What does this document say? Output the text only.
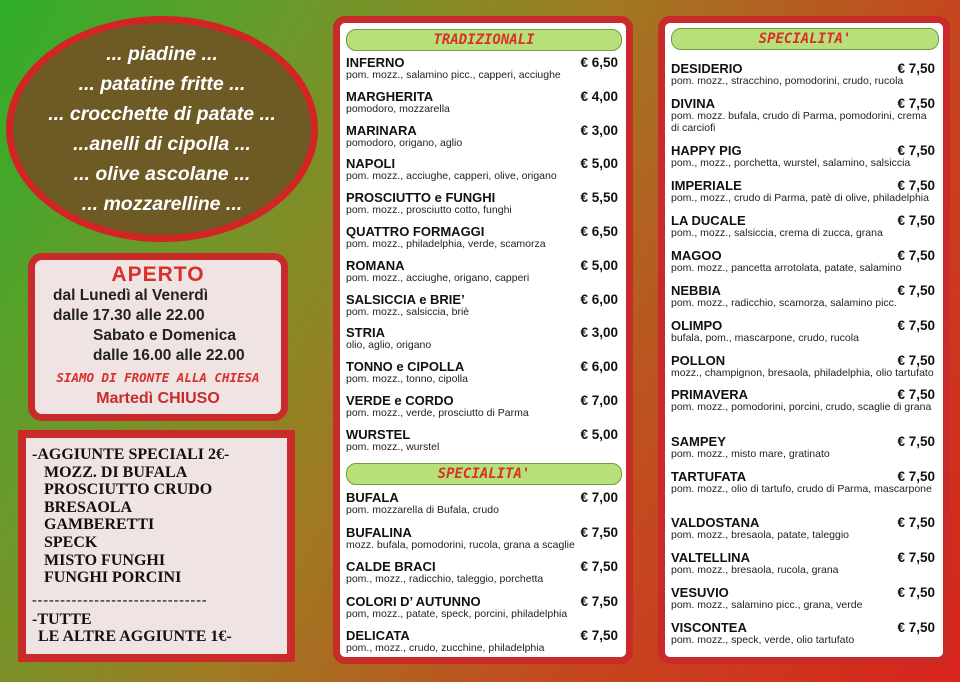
... piadine ...
... patatine fritte ...
... crocchette di patate ...
...anelli di cipolla ...
... olive ascolane ...
... mozzarelline ...
APERTO
dal Lunedì al Venerdì
dalle 17.30 alle 22.00
Sabato e Domenica
dalle 16.00 alle 22.00
SIAMO DI FRONTE ALLA CHIESA
Martedì CHIUSO
-AGGIUNTE SPECIALI 2€-
MOZZ. DI BUFALA
PROSCIUTTO CRUDO
BRESAOLA
GAMBERETTI
SPECK
MISTO FUNGHI
FUNGHI PORCINI
-------------------------------
-TUTTE
LE ALTRE AGGIUNTE 1€-
TRADIZIONALI
INFERNO	€ 6,50
pom. mozz., salamino picc., capperi, acciughe
MARGHERITA	€ 4,00
pomodoro, mozzarella
MARINARA	€ 3,00
pomodoro, origano, aglio
NAPOLI	€ 5,00
pom. mozz., acciughe, capperi, olive, origano
PROSCIUTTO e FUNGHI	€ 5,50
pom. mozz., prosciutto cotto, funghi
QUATTRO FORMAGGI	€ 6,50
pom. mozz., philadelphia, verde, scamorza
ROMANA	€ 5,00
pom. mozz., acciughe, origano, capperi
SALSICCIA e BRIE’	€ 6,00
pom. mozz., salsiccia, briè
STRIA	€ 3,00
olio, aglio, origano
TONNO e CIPOLLA	€ 6,00
pom. mozz., tonno, cipolla
VERDE e CORDO	€ 7,00
pom. mozz., verde, prosciutto di Parma
WURSTEL	€ 5,00
pom. mozz., wurstel
SPECIALITA'
BUFALA	€ 7,00
pom. mozzarella di Bufala, crudo
BUFALINA	€ 7,50
mozz. bufala, pomodorini, rucola, grana a scaglie
CALDE BRACI	€ 7,50
pom., mozz., radicchio, taleggio, porchetta
COLORI D’ AUTUNNO	€ 7,50
pom, mozz., patate, speck, porcini, philadelphia
DELICATA	€ 7,50
pom., mozz., crudo, zucchine, philadelphia
SPECIALITA'
DESIDERIO	€ 7,50
pom. mozz., stracchino, pomodorini, crudo, rucola
DIVINA	€ 7,50
pom. mozz. bufala, crudo di Parma, pomodorini, crema di carciofi
HAPPY PIG	€ 7,50
pom., mozz., porchetta, wurstel, salamino, salsiccia
IMPERIALE	€ 7,50
pom., mozz., crudo di Parma, patè di olive, philadelphia
LA DUCALE	€ 7,50
pom., mozz., salsiccia, crema di zucca, grana
MAGOO	€ 7,50
pom. mozz., pancetta arrotolata, patate, salamino
NEBBIA	€ 7,50
pom. mozz., radicchio, scamorza, salamino picc.
OLIMPO	€ 7,50
bufala, pom., mascarpone, crudo, rucola
POLLON	€ 7,50
mozz., champignon, bresaola, philadelphia, olio tartufato
PRIMAVERA	€ 7,50
pom. mozz., pomodorini, porcini, crudo, scaglie di grana
SAMPEY	€ 7,50
pom. mozz., misto mare, gratinato
TARTUFATA	€ 7,50
pom. mozz., olio di tartufo, crudo di Parma, mascarpone
VALDOSTANA	€ 7,50
pom. mozz., bresaola, patate, taleggio
VALTELLINA	€ 7,50
pom. mozz., bresaola, rucola, grana
VESUVIO	€ 7,50
pom. mozz., salamino picc., grana, verde
VISCONTEA	€ 7,50
pom. mozz., speck, verde, olio tartufato
